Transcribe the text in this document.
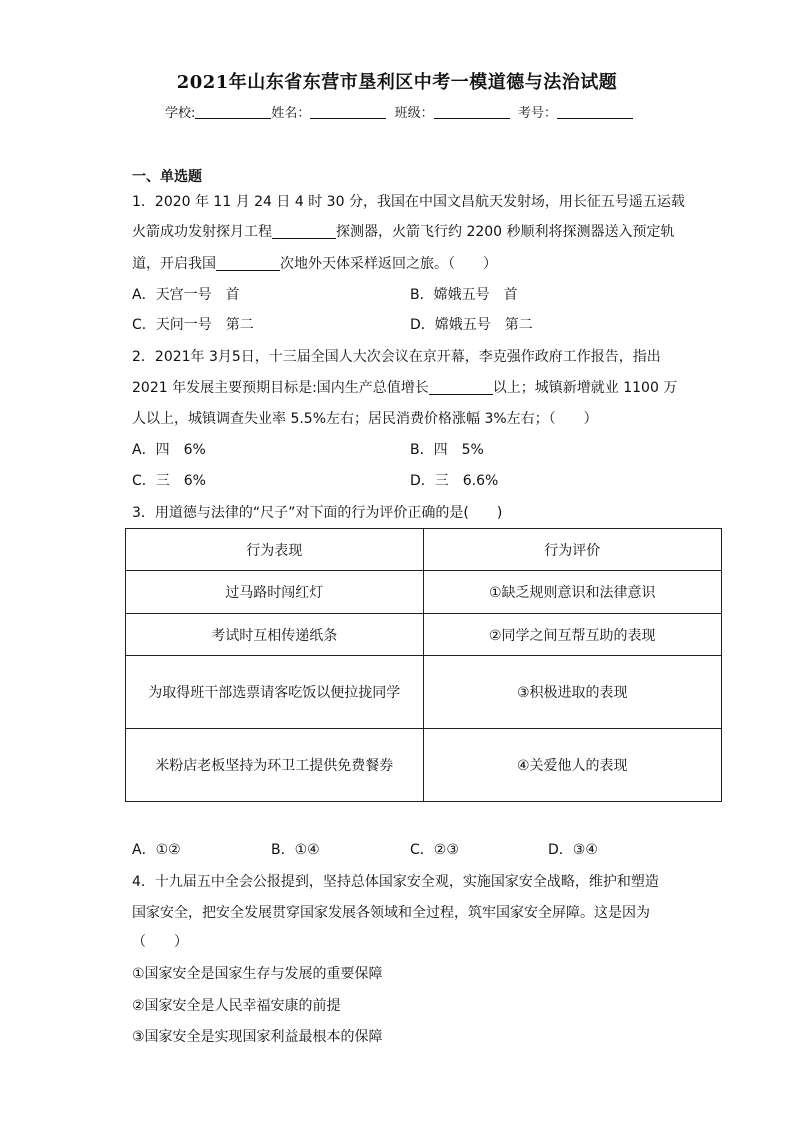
2021年山东省东营市垦利区中考一模道德与法治试题
学校:	姓名：	班级：	考号：
一、单选题
1．2020 年 11 月 24 日 4 时 30 分，我国在中国文昌航天发射场，用长征五号遥五运载
火箭成功发射探月工程	探测器，火箭飞行约 2200 秒顺利将探测器送入预定轨
道，开启我国	次地外天体采样返回之旅。（　　）
A．天宫一号　首	B．嫦娥五号　首
C．天问一号　第二	D．嫦娥五号　第二
2．2021年 3月5日，十三届全国人大次会议在京开幕，李克强作政府工作报告，指出
2021 年发展主要预期目标是:国内生产总值增长	以上；城镇新增就业 1100 万
人以上，城镇调查失业率 5.5%左右；居民消费价格涨幅 3%左右；（　　）
A．四　6%	B．四　5%
C．三　6%	D．三　6.6%
3．用道德与法律的“尺子”对下面的行为评价正确的是(　　)
行为表现	行为评价
过马路时闯红灯	①缺乏规则意识和法律意识
考试时互相传递纸条	②同学之间互帮互助的表现
为取得班干部选票请客吃饭以便拉拢同学	③积极进取的表现
米粉店老板坚持为环卫工提供免费餐券	④关爱他人的表现
A．①②	B．①④	C．②③	D．③④
4．十九届五中全会公报提到，坚持总体国家安全观，实施国家安全战略，维护和塑造
国家安全，把安全发展贯穿国家发展各领域和全过程，筑牢国家安全屏障。这是因为
（　　）
①国家安全是国家生存与发展的重要保障
②国家安全是人民幸福安康的前提
③国家安全是实现国家利益最根本的保障
